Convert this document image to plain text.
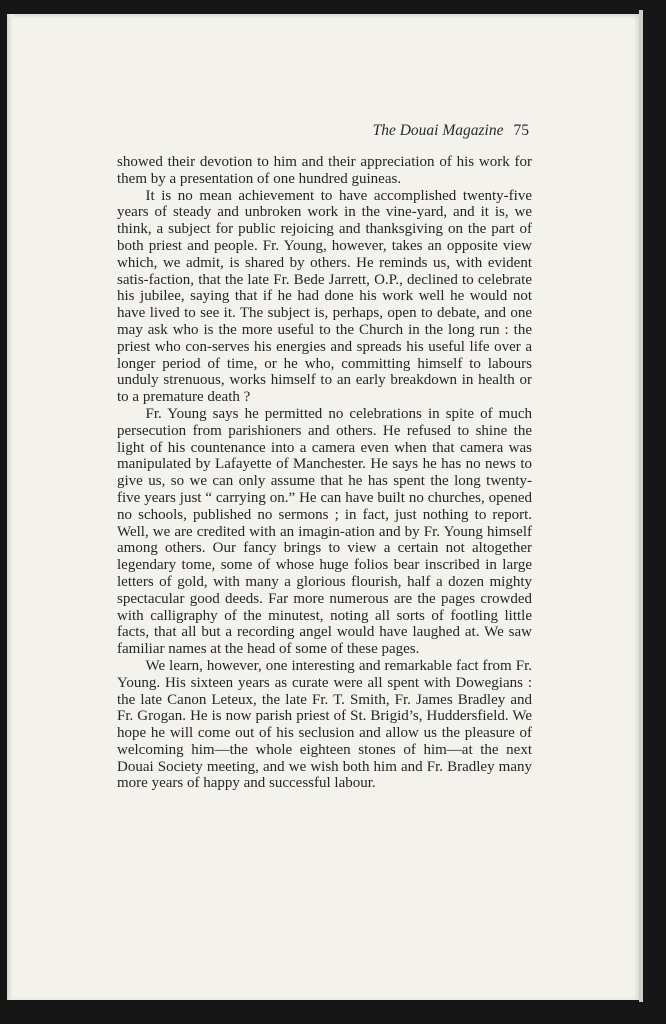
The Douai Magazine 75

showed their devotion to him and their appreciation of his work for them by a presentation of one hundred guineas.

It is no mean achievement to have accomplished twenty-five years of steady and unbroken work in the vine-yard, and it is, we think, a subject for public rejoicing and thanksgiving on the part of both priest and people. Fr. Young, however, takes an opposite view which, we admit, is shared by others. He reminds us, with evident satis-faction, that the late Fr. Bede Jarrett, O.P., declined to celebrate his jubilee, saying that if he had done his work well he would not have lived to see it. The subject is, perhaps, open to debate, and one may ask who is the more useful to the Church in the long run : the priest who con-serves his energies and spreads his useful life over a longer period of time, or he who, committing himself to labours unduly strenuous, works himself to an early breakdown in health or to a premature death ?

Fr. Young says he permitted no celebrations in spite of much persecution from parishioners and others. He refused to shine the light of his countenance into a camera even when that camera was manipulated by Lafayette of Manchester. He says he has no news to give us, so we can only assume that he has spent the long twenty-five years just “ carrying on.” He can have built no churches, opened no schools, published no sermons ; in fact, just nothing to report. Well, we are credited with an imagin-ation and by Fr. Young himself among others. Our fancy brings to view a certain not altogether legendary tome, some of whose huge folios bear inscribed in large letters of gold, with many a glorious flourish, half a dozen mighty spectacular good deeds. Far more numerous are the pages crowded with calligraphy of the minutest, noting all sorts of footling little facts, that all but a recording angel would have laughed at. We saw familiar names at the head of some of these pages.

We learn, however, one interesting and remarkable fact from Fr. Young. His sixteen years as curate were all spent with Dowegians : the late Canon Leteux, the late Fr. T. Smith, Fr. James Bradley and Fr. Grogan. He is now parish priest of St. Brigid’s, Huddersfield. We hope he will come out of his seclusion and allow us the pleasure of welcoming him—the whole eighteen stones of him—at the next Douai Society meeting, and we wish both him and Fr. Bradley many more years of happy and successful labour.
